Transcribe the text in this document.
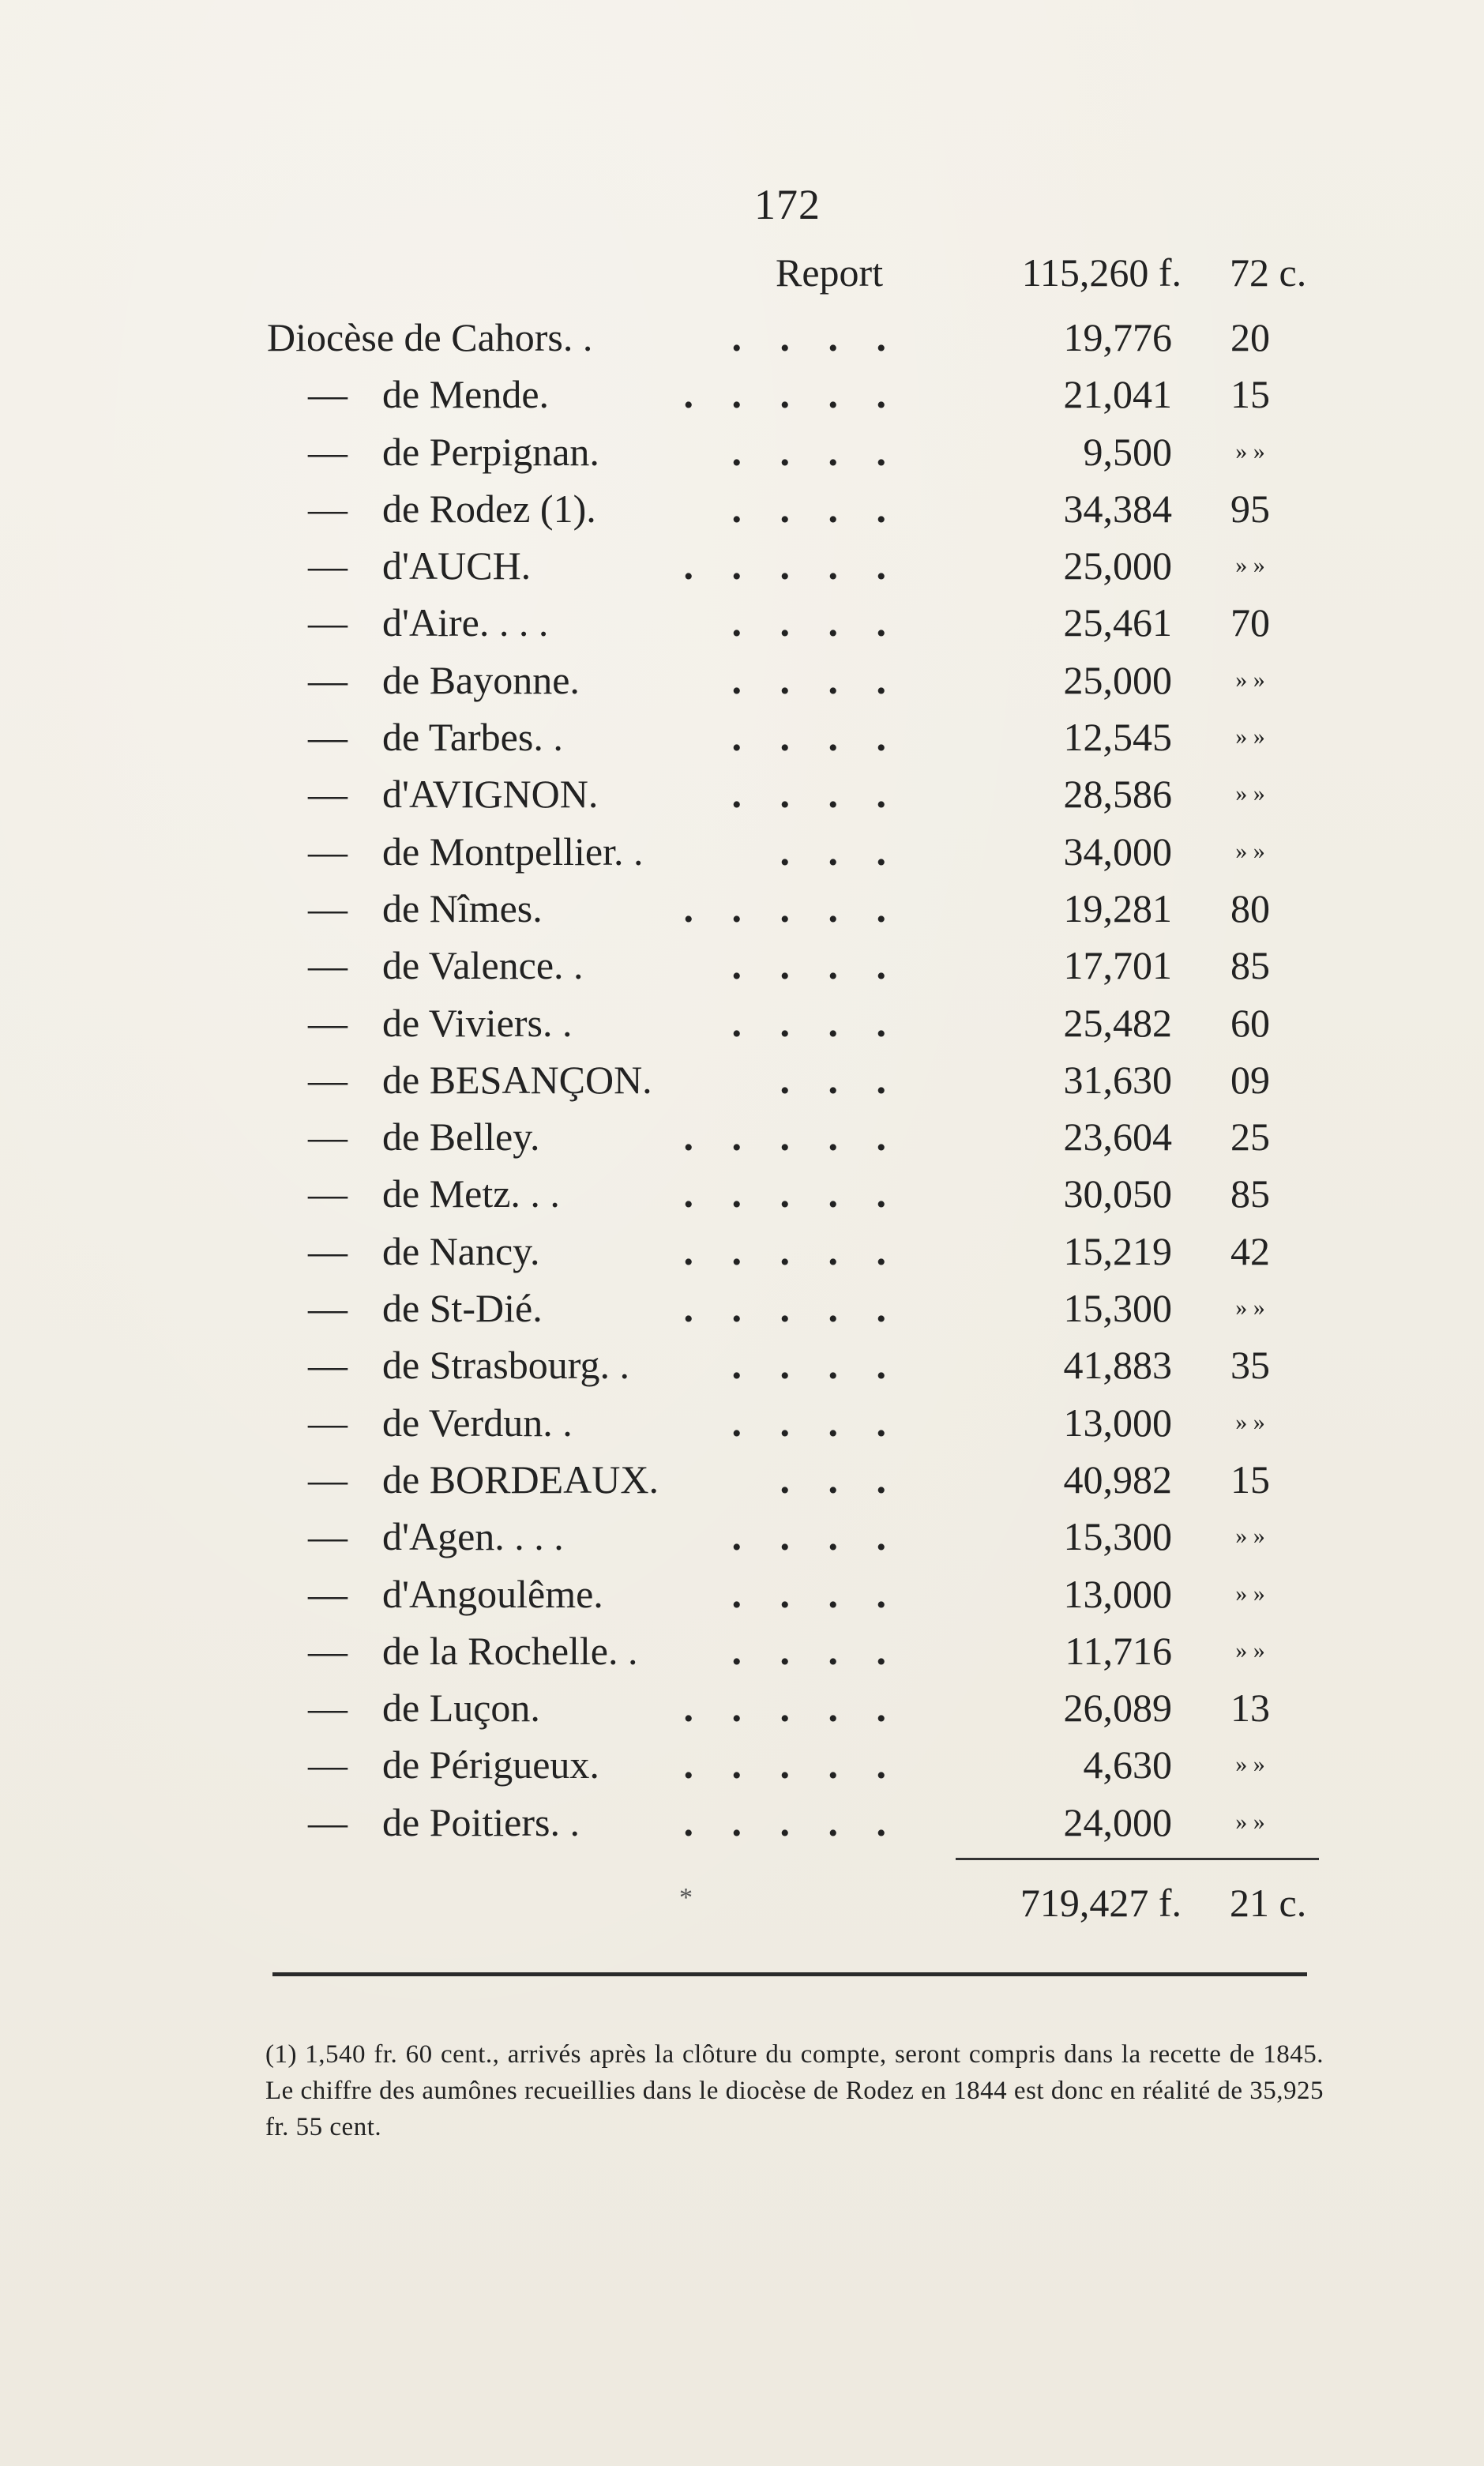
172
Report	115,260 f. 72 c.
Diocèse de Cahors. .	. . . .	19,776 20
— de Mende.	. . . . .	21,041 15
— de Perpignan.	. . . .	9,500	» »
— de Rodez (1).	. . . .	34,384 95
— d'AUCH.	. . . . .	25,000	» »
— d'Aire. . . .	. . . .	25,461 70
— de Bayonne.	. . . .	25,000	» »
— de Tarbes. .	. . . .	12,545	» »
— d'AVIGNON.	. . . .	28,586	» »
— de Montpellier. .	. . .	34,000	» »
— de Nîmes.	. . . . .	19,281 80
— de Valence. .	. . . .	17,701 85
— de Viviers. .	. . . .	25,482 60
— de BESANÇON.	. . .	31,630 09
— de Belley.	. . . . .	23,604 25
— de Metz. . .	. . . . .	30,050 85
— de Nancy.	. . . . .	15,219 42
— de St-Dié.	. . . . .	15,300	» »
— de Strasbourg. .	. . . .	41,883 35
— de Verdun. .	. . . .	13,000	» »
— de BORDEAUX.	. . .	40,982 15
— d'Agen. . . .	. . . .	15,300	» »
— d'Angoulême.	. . . .	13,000	» »
— de la Rochelle. .	. . . .	11,716	» »
— de Luçon.	. . . . .	26,089 13
— de Périgueux.	. . . . .	4,630	» »
— de Poitiers. .	. . . . .	24,000	» »
*	719,427 f. 21 c.
(1) 1,540 fr. 60 cent., arrivés après la clôture du compte, seront compris dans la recette de 1845. Le chiffre des aumônes recueillies dans le diocèse de Rodez en 1844 est donc en réalité de 35,925 fr. 55 cent.
